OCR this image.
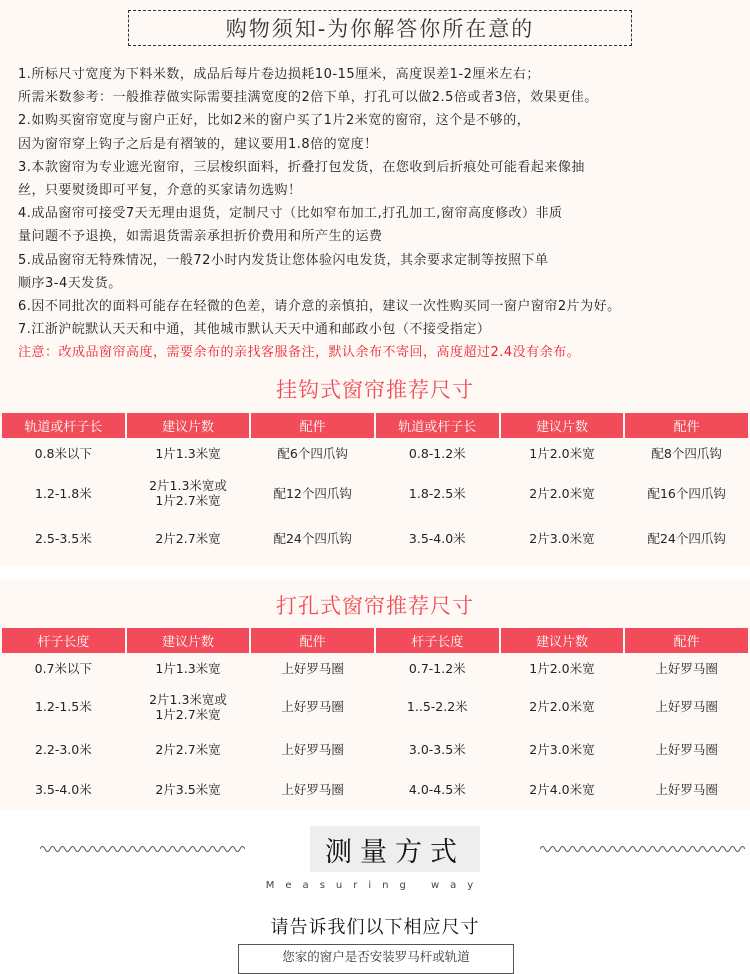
购物须知-为你解答你所在意的

1.所标尺寸宽度为下料米数，成品后每片卷边损耗10-15厘米，高度误差1-2厘米左右；

所需米数参考：一般推荐做实际需要挂满宽度的2倍下单，打孔可以做2.5倍或者3倍，效果更佳。

2.如购买窗帘宽度与窗户正好，比如2米的窗户买了1片2米宽的窗帘，这个是不够的，

因为窗帘穿上钩子之后是有褶皱的，建议要用1.8倍的宽度！

3.本款窗帘为专业遮光窗帘，三层梭织面料，折叠打包发货，在您收到后折痕处可能看起来像抽

丝，只要熨烫即可平复，介意的买家请勿选购！

4.成品窗帘可接受7天无理由退货，定制尺寸（比如窄布加工,打孔加工,窗帘高度修改）非质

量问题不予退换，如需退货需亲承担折价费用和所产生的运费

5.成品窗帘无特殊情况，一般72小时内发货让您体验闪电发货，其余要求定制等按照下单

顺序3-4天发货。

6.因不同批次的面料可能存在轻微的色差，请介意的亲慎拍，建议一次性购买同一窗户窗帘2片为好。

7.江浙沪皖默认天天和中通，其他城市默认天天中通和邮政小包（不接受指定）

注意：改成品窗帘高度，需要余布的亲找客服备注，默认余布不寄回，高度超过2.4没有余布。

挂钩式窗帘推荐尺寸
轨道或杆子长	建议片数	配件	轨道或杆子长	建议片数	配件
0.8米以下	1片1.3米宽	配6个四爪钩	0.8-1.2米	1片2.0米宽	配8个四爪钩
1.2-1.8米	2片1.3米宽或
1片2.7米宽	配12个四爪钩	1.8-2.5米	2片2.0米宽	配16个四爪钩
2.5-3.5米	2片2.7米宽	配24个四爪钩	3.5-4.0米	2片3.0米宽	配24个四爪钩
打孔式窗帘推荐尺寸
杆子长度	建议片数	配件	杆子长度	建议片数	配件
0.7米以下	1片1.3米宽	上好罗马圈	0.7-1.2米	1片2.0米宽	上好罗马圈
1.2-1.5米	2片1.3米宽或
1片2.7米宽	上好罗马圈	1..5-2.2米	2片2.0米宽	上好罗马圈
2.2-3.0米	2片2.7米宽	上好罗马圈	3.0-3.5米	2片3.0米宽	上好罗马圈
3.5-4.0米	2片3.5米宽	上好罗马圈	4.0-4.5米	2片4.0米宽	上好罗马圈
测量方式
Measuring way
请告诉我们以下相应尺寸
您家的窗户是否安装罗马杆或轨道
